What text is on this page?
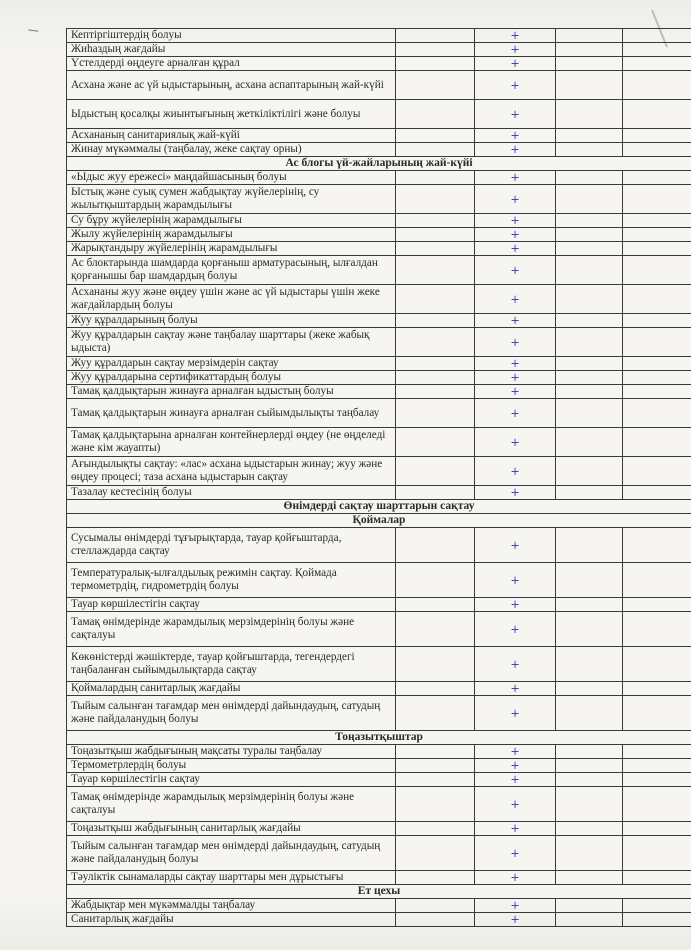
Кептіргіштердің болуы		+		
Жиһаздың жағдайы		+		
Үстелдерді өңдеуге арналған құрал		+		
Асхана және ас үй ыдыстарының, асхана аспаптарының жай-күйі		+		
Ыдыстың қосалқы жиынтығының жеткіліктілігі және болуы		+		
Асхананың санитариялық жай-күйі		+		
Жинау мүкәммалы (таңбалау, жеке сақтау орны)		+		
Ас блогы үй-жайларының жай-күйі				
«Ыдыс жуу ережесі» маңдайшасының болуы		+		
Ыстық және суық сумен жабдықтау жүйелерінің, су жылытқыштардың жарамдылығы		+		
Су бұру жүйелерінің жарамдылығы		+		
Жылу жүйелерінің жарамдылығы		+		
Жарықтандыру жүйелерінің жарамдылығы		+		
Ас блоктарында шамдарда қорғаныш арматурасының, ылғалдан қорғанышы бар шамдардың болуы		+		
Асхананы жуу және өңдеу үшін және ас үй ыдыстары үшін жеке жағдайлардың болуы		+		
Жуу құралдарының болуы		+		
Жуу құралдарын сақтау және таңбалау шарттары (жеке жабық ыдыста)		+		
Жуу құралдарын сақтау мерзімдерін сақтау		+		
Жуу құралдарына сертификаттардың болуы		+		
Тамақ қалдықтарын жинауға арналған ыдыстың болуы		+		
Тамақ қалдықтарын жинауға арналған сыйымдылықты таңбалау		+		
Тамақ қалдықтарына арналған контейнерлерді өңдеу (не өңделеді және кім жауапты)		+		
Ағындылықты сақтау: «лас» асхана ыдыстарын жинау; жуу және өңдеу процесі; таза асхана ыдыстарын сақтау		+		
Тазалау кестесінің болуы		+		
Өнімдерді сақтау шарттарын сақтау				
Қоймалар				
Сусымалы өнімдерді тұғырықтарда, тауар қойғыштарда, стеллаждарда сақтау		+		
Температуралық-ылғалдылық режимін сақтау. Қоймада термометрдің, гидрометрдің болуы		+		
Тауар көршілестігін сақтау		+		
Тамақ өнімдерінде жарамдылық мерзімдерінің болуы және сақталуы		+		
Көкөністерді жәшіктерде, тауар қойғыштарда, тегендердегі таңбаланған сыйымдылықтарда сақтау		+		
Қоймалардың санитарлық жағдайы		+		
Тыйым салынған тағамдар мен өнімдерді дайындаудың, сатудың және пайдаланудың болуы		+		
Тоңазытқыштар				
Тоңазытқыш жабдығының мақсаты туралы таңбалау		+		
Термометрлердің болуы		+		
Тауар көршілестігін сақтау		+		
Тамақ өнімдерінде жарамдылық мерзімдерінің болуы және сақталуы		+		
Тоңазытқыш жабдығының санитарлық жағдайы		+		
Тыйым салынған тағамдар мен өнімдерді дайындаудың, сатудың және пайдаланудың болуы		+		
Тәуліктік сынамаларды сақтау шарттары мен дұрыстығы		+		
Ет цехы				
Жабдықтар мен мүкәммалды таңбалау		+		
Санитарлық жағдайы		+		
